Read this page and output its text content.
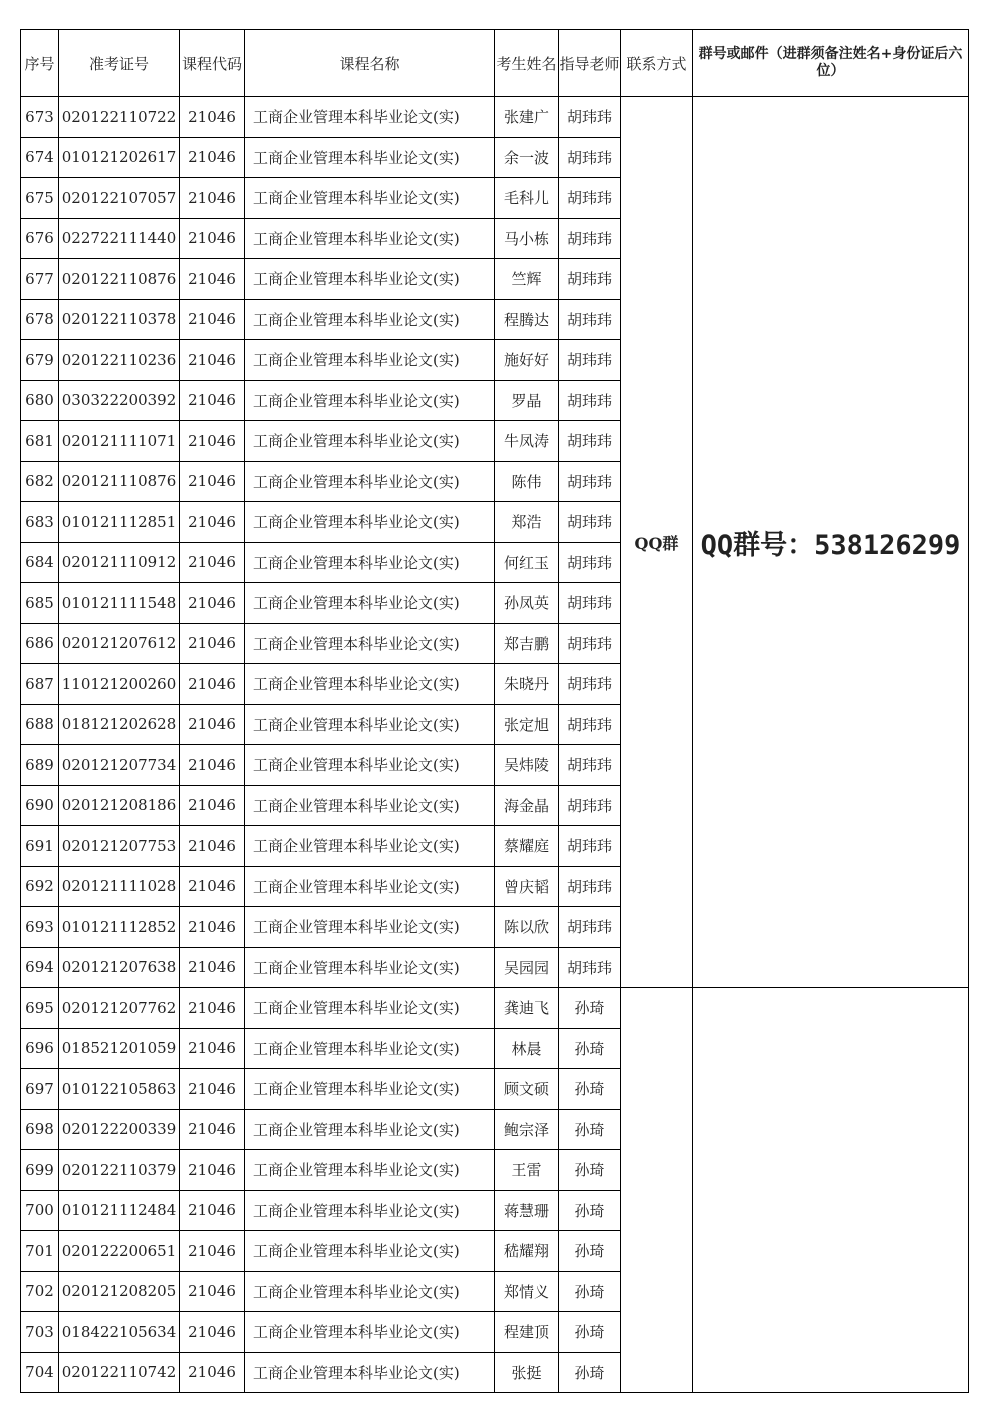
序号	准考证号	课程代码	课程名称	考生姓名	指导老师	联系方式	群号或邮件（进群须备注姓名+身份证后六位）
673	020122110722	21046	工商企业管理本科毕业论文(实)	张建广	胡玮玮	QQ群	QQ群号：538126299
674	010121202617	21046	工商企业管理本科毕业论文(实)	余一波	胡玮玮		
675	020122107057	21046	工商企业管理本科毕业论文(实)	毛科儿	胡玮玮		
676	022722111440	21046	工商企业管理本科毕业论文(实)	马小栋	胡玮玮		
677	020122110876	21046	工商企业管理本科毕业论文(实)	竺辉	胡玮玮		
678	020122110378	21046	工商企业管理本科毕业论文(实)	程腾达	胡玮玮		
679	020122110236	21046	工商企业管理本科毕业论文(实)	施好好	胡玮玮		
680	030322200392	21046	工商企业管理本科毕业论文(实)	罗晶	胡玮玮		
681	020121111071	21046	工商企业管理本科毕业论文(实)	牛凤涛	胡玮玮		
682	020121110876	21046	工商企业管理本科毕业论文(实)	陈伟	胡玮玮		
683	010121112851	21046	工商企业管理本科毕业论文(实)	郑浩	胡玮玮		
684	020121110912	21046	工商企业管理本科毕业论文(实)	何红玉	胡玮玮		
685	010121111548	21046	工商企业管理本科毕业论文(实)	孙凤英	胡玮玮		
686	020121207612	21046	工商企业管理本科毕业论文(实)	郑吉鹏	胡玮玮		
687	110121200260	21046	工商企业管理本科毕业论文(实)	朱晓丹	胡玮玮		
688	018121202628	21046	工商企业管理本科毕业论文(实)	张定旭	胡玮玮		
689	020121207734	21046	工商企业管理本科毕业论文(实)	吴炜陵	胡玮玮		
690	020121208186	21046	工商企业管理本科毕业论文(实)	海金晶	胡玮玮		
691	020121207753	21046	工商企业管理本科毕业论文(实)	蔡耀庭	胡玮玮		
692	020121111028	21046	工商企业管理本科毕业论文(实)	曾庆韬	胡玮玮		
693	010121112852	21046	工商企业管理本科毕业论文(实)	陈以欣	胡玮玮		
694	020121207638	21046	工商企业管理本科毕业论文(实)	吴园园	胡玮玮		
695	020121207762	21046	工商企业管理本科毕业论文(实)	龚迪飞	孙琦		
696	018521201059	21046	工商企业管理本科毕业论文(实)	林晨	孙琦		
697	010122105863	21046	工商企业管理本科毕业论文(实)	顾文硕	孙琦		
698	020122200339	21046	工商企业管理本科毕业论文(实)	鲍宗泽	孙琦		
699	020122110379	21046	工商企业管理本科毕业论文(实)	王雷	孙琦		
700	010121112484	21046	工商企业管理本科毕业论文(实)	蒋慧珊	孙琦		
701	020122200651	21046	工商企业管理本科毕业论文(实)	嵇耀翔	孙琦		
702	020121208205	21046	工商企业管理本科毕业论文(实)	郑情义	孙琦		
703	018422105634	21046	工商企业管理本科毕业论文(实)	程建顶	孙琦		
704	020122110742	21046	工商企业管理本科毕业论文(实)	张挺	孙琦		
